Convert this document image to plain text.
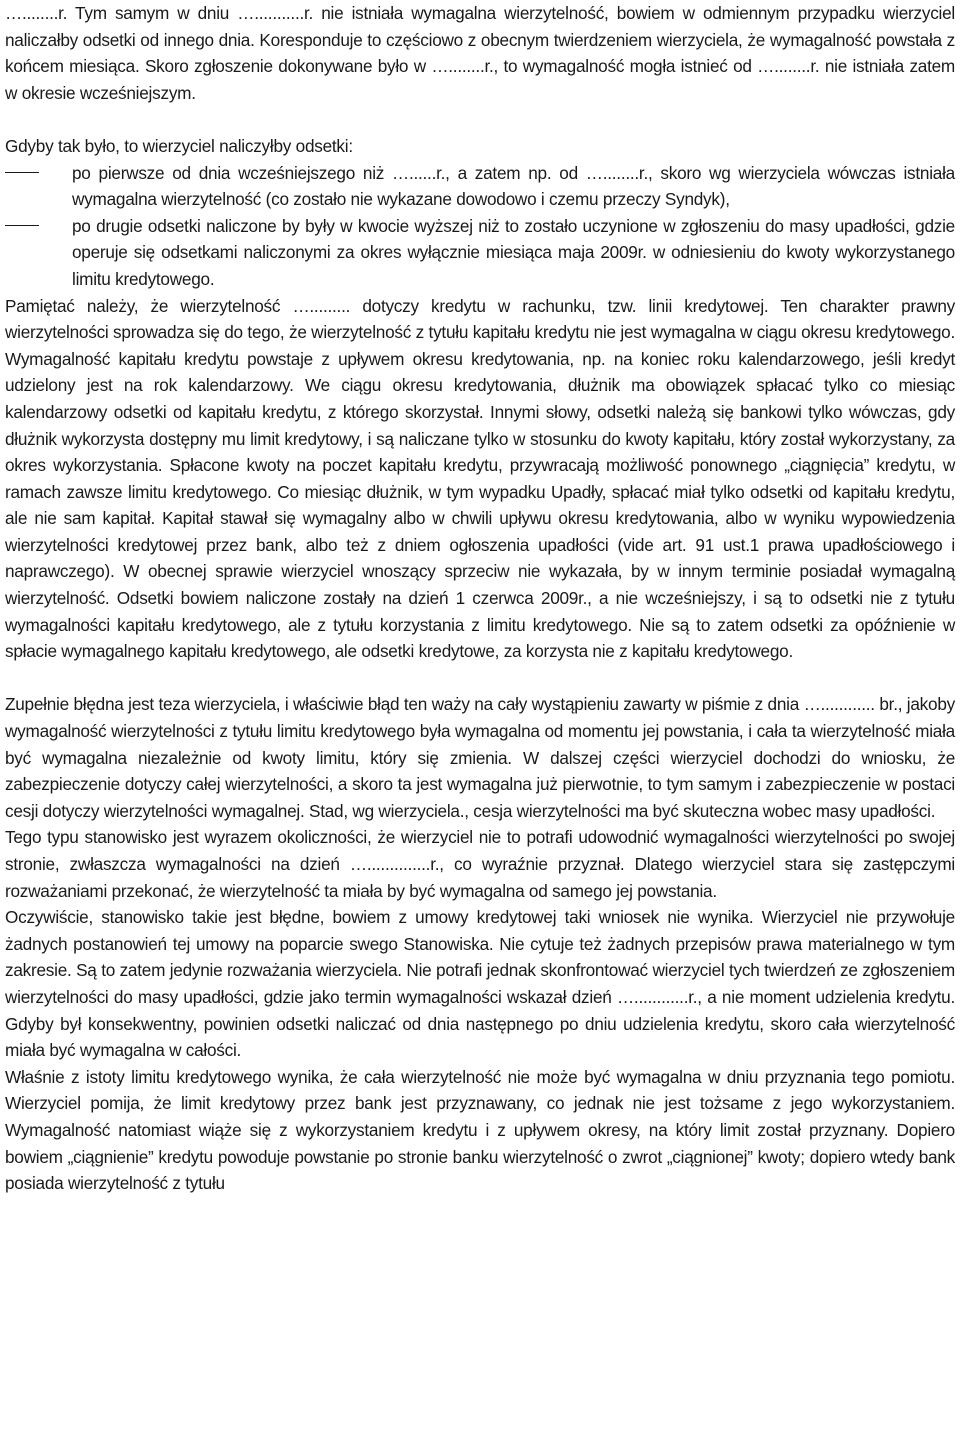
…........r. Tym samym w dniu …...........r. nie istniała wymagalna wierzytelność, bowiem w odmiennym przypadku wierzyciel naliczałby odsetki od innego dnia. Koresponduje to częściowo z obecnym twierdzeniem wierzyciela, że wymagalność powstała z końcem miesiąca. Skoro zgłoszenie dokonywane było w …........r., to wymagalność mogła istnieć od …........r. nie istniała zatem w okresie wcześniejszym.

Gdyby tak było, to wierzyciel naliczyłby odsetki:

po pierwsze od dnia wcześniejszego niż …......r., a zatem np. od …........r., skoro wg wierzyciela wówczas istniała wymagalna wierzytelność (co zostało nie wykazane dowodowo i czemu przeczy Syndyk),
po drugie odsetki naliczone by były w kwocie wyższej niż to zostało uczynione w zgłoszeniu do masy upadłości, gdzie operuje się odsetkami naliczonymi za okres wyłącznie miesiąca maja 2009r. w odniesieniu do kwoty wykorzystanego limitu kredytowego.

Pamiętać należy, że wierzytelność …......... dotyczy kredytu w rachunku, tzw. linii kredytowej. Ten charakter prawny wierzytelności sprowadza się do tego, że wierzytelność z tytułu kapitału kredytu nie jest wymagalna w ciągu okresu kredytowego. Wymagalność kapitału kredytu powstaje z upływem okresu kredytowania, np. na koniec roku kalendarzowego, jeśli kredyt udzielony jest na rok kalendarzowy. We ciągu okresu kredytowania, dłużnik ma obowiązek spłacać tylko co miesiąc kalendarzowy odsetki od kapitału kredytu, z którego skorzystał. Innymi słowy, odsetki należą się bankowi tylko wówczas, gdy dłużnik wykorzysta dostępny mu limit kredytowy, i są naliczane tylko w stosunku do kwoty kapitału, który został wykorzystany, za okres wykorzystania. Spłacone kwoty na poczet kapitału kredytu, przywracają możliwość ponownego „ciągnięcia” kredytu, w ramach zawsze limitu kredytowego. Co miesiąc dłużnik, w tym wypadku Upadły, spłacać miał tylko odsetki od kapitału kredytu, ale nie sam kapitał. Kapitał stawał się wymagalny albo w chwili upływu okresu kredytowania, albo w wyniku wypowiedzenia wierzytelności kredytowej przez bank, albo też z dniem ogłoszenia upadłości (vide art. 91 ust.1 prawa upadłościowego i naprawczego). W obecnej sprawie wierzyciel wnoszący sprzeciw nie wykazała, by w innym terminie posiadał wymagalną wierzytelność. Odsetki bowiem naliczone zostały na dzień 1 czerwca 2009r., a nie wcześniejszy, i są to odsetki nie z tytułu wymagalności kapitału kredytowego, ale z tytułu korzystania z limitu kredytowego. Nie są to zatem odsetki za opóźnienie w spłacie wymagalnego kapitału kredytowego, ale odsetki kredytowe, za korzysta nie z kapitału kredytowego.

Zupełnie błędna jest teza wierzyciela, i właściwie błąd ten waży na cały wystąpieniu zawarty w piśmie z dnia …............ br., jakoby wymagalność wierzytelności z tytułu limitu kredytowego była wymagalna od momentu jej powstania, i cała ta wierzytelność miała być wymagalna niezależnie od kwoty limitu, który się zmienia. W dalszej części wierzyciel dochodzi do wniosku, że zabezpieczenie dotyczy całej wierzytelności, a skoro ta jest wymagalna już pierwotnie, to tym samym i zabezpieczenie w postaci cesji dotyczy wierzytelności wymagalnej. Stad, wg wierzyciela., cesja wierzytelności ma być skuteczna wobec masy upadłości.

Tego typu stanowisko jest wyrazem okoliczności, że wierzyciel nie to potrafi udowodnić wymagalności wierzytelności po swojej stronie, zwłaszcza wymagalności na dzień …..............r., co wyraźnie przyznał. Dlatego wierzyciel stara się zastępczymi rozważaniami przekonać, że wierzytelność ta miała by być wymagalna od samego jej powstania.

Oczywiście, stanowisko takie jest błędne, bowiem z umowy kredytowej taki wniosek nie wynika. Wierzyciel nie przywołuje żadnych postanowień tej umowy na poparcie swego Stanowiska. Nie cytuje też żadnych przepisów prawa materialnego w tym zakresie. Są to zatem jedynie rozważania wierzyciela. Nie potrafi jednak skonfrontować wierzyciel tych twierdzeń ze zgłoszeniem wierzytelności do masy upadłości, gdzie jako termin wymagalności wskazał dzień …............r., a nie moment udzielenia kredytu. Gdyby był konsekwentny, powinien odsetki naliczać od dnia następnego po dniu udzielenia kredytu, skoro cała wierzytelność miała być wymagalna w całości.

Właśnie z istoty limitu kredytowego wynika, że cała wierzytelność nie może być wymagalna w dniu przyznania tego pomiotu. Wierzyciel pomija, że limit kredytowy przez bank jest przyznawany, co jednak nie jest tożsame z jego wykorzystaniem. Wymagalność natomiast wiąże się z wykorzystaniem kredytu i z upływem okresy, na który limit został przyznany. Dopiero bowiem „ciągnienie” kredytu powoduje powstanie po stronie banku wierzytelność o zwrot „ciągnionej” kwoty; dopiero wtedy bank posiada wierzytelność z tytułu
